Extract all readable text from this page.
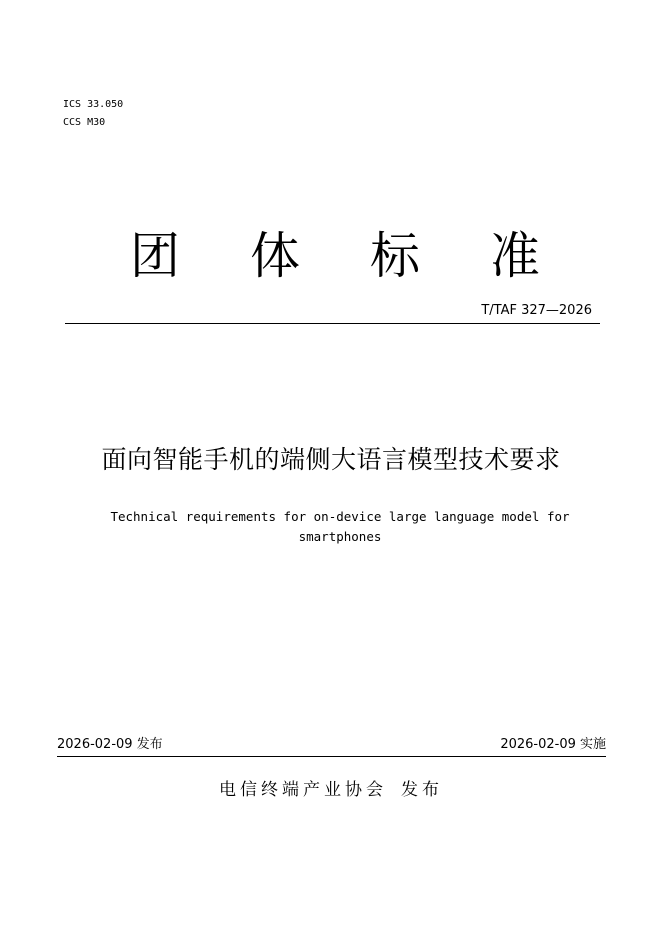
ICS 33.050
CCS M30
团 体 标 准
T/TAF 327—2026
面向智能手机的端侧大语言模型技术要求
Technical requirements for on-device large language model for smartphones
2026-02-09 发布	2026-02-09 实施
电信终端产业协会 发布
